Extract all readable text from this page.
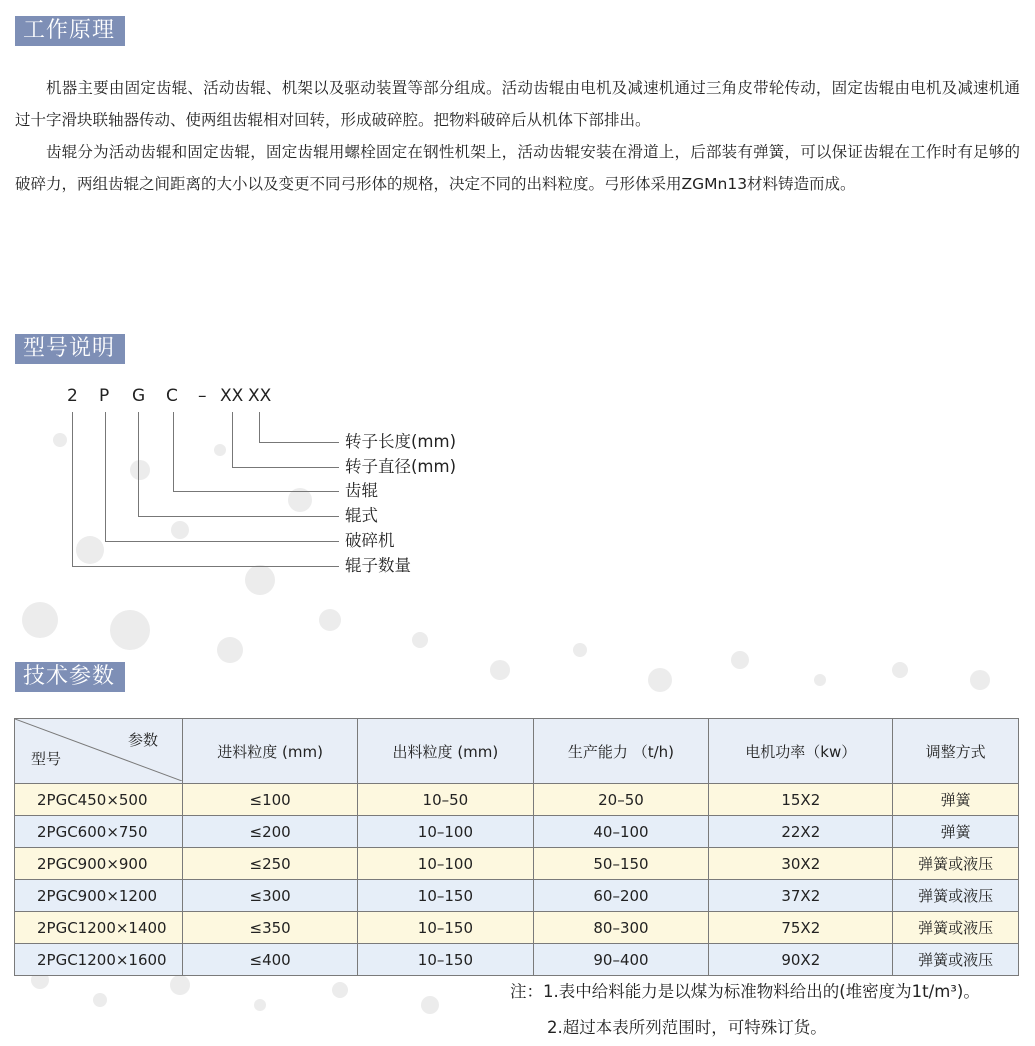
工作原理

机器主要由固定齿辊、活动齿辊、机架以及驱动装置等部分组成。活动齿辊由电机及减速机通过三角皮带轮传动，固定齿辊由电机及减速机通过十字滑块联轴器传动、使两组齿辊相对回转，形成破碎腔。把物料破碎后从机体下部排出。

齿辊分为活动齿辊和固定齿辊，固定齿辊用螺栓固定在钢性机架上，活动齿辊安装在滑道上，后部装有弹簧，可以保证齿辊在工作时有足够的破碎力，两组齿辊之间距离的大小以及变更不同弓形体的规格，决定不同的出料粒度。弓形体采用ZGMn13材料铸造而成。

型号说明
2 P G C – XX XX
转子长度(mm)
转子直径(mm)
齿辊
辊式
破碎机
辊子数量
技术参数
参数
型号	进料粒度 (mm)	出料粒度 (mm)	生产能力 （t/h)	电机功率（kw）	调整方式
2PGC450×500	≤100	10–50	20–50	15X2	弹簧
2PGC600×750	≤200	10–100	40–100	22X2	弹簧
2PGC900×900	≤250	10–100	50–150	30X2	弹簧或液压
2PGC900×1200	≤300	10–150	60–200	37X2	弹簧或液压
2PGC1200×1400	≤350	10–150	80–300	75X2	弹簧或液压
2PGC1200×1600	≤400	10–150	90–400	90X2	弹簧或液压
注：1.表中给料能力是以煤为标准物料给出的(堆密度为1t/m³)。
2.超过本表所列范围时，可特殊订货。
